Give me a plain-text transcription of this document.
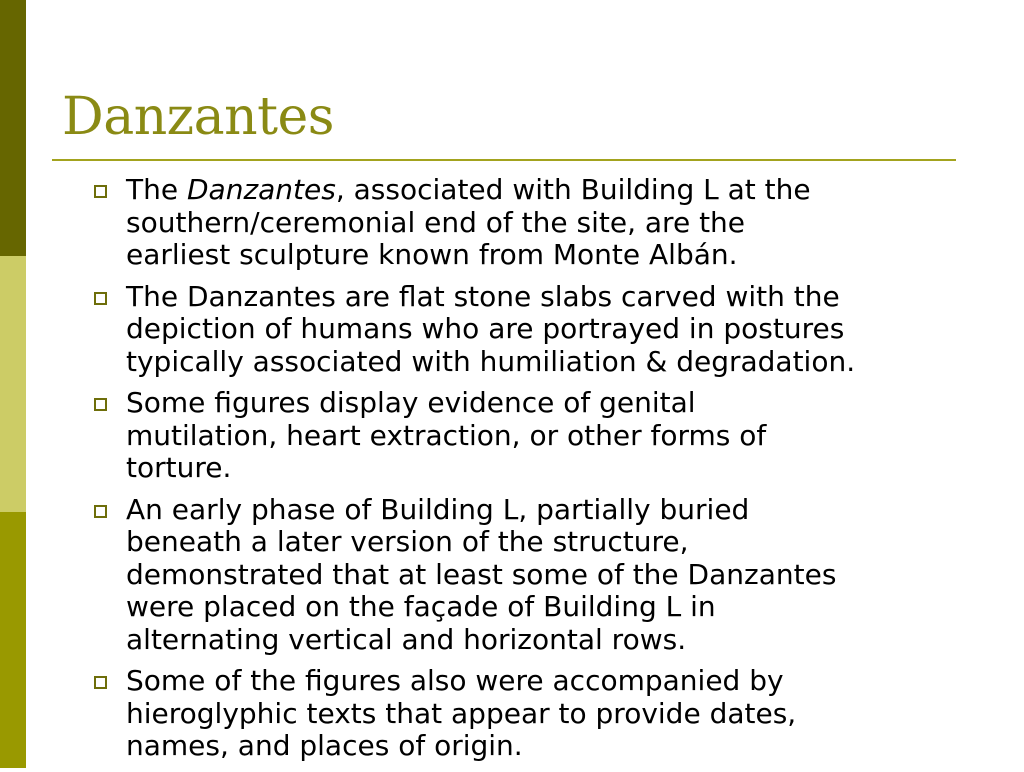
Danzantes
The Danzantes, associated with Building L at the
southern/ceremonial end of the site, are the
earliest sculpture known from Monte Albán.
The Danzantes are flat stone slabs carved with the
depiction of humans who are portrayed in postures
typically associated with humiliation & degradation.
Some figures display evidence of genital
mutilation, heart extraction, or other forms of
torture.
An early phase of Building L, partially buried
beneath a later version of the structure,
demonstrated that at least some of the Danzantes
were placed on the façade of Building L in
alternating vertical and horizontal rows.
Some of the figures also were accompanied by
hieroglyphic texts that appear to provide dates,
names, and places of origin.
